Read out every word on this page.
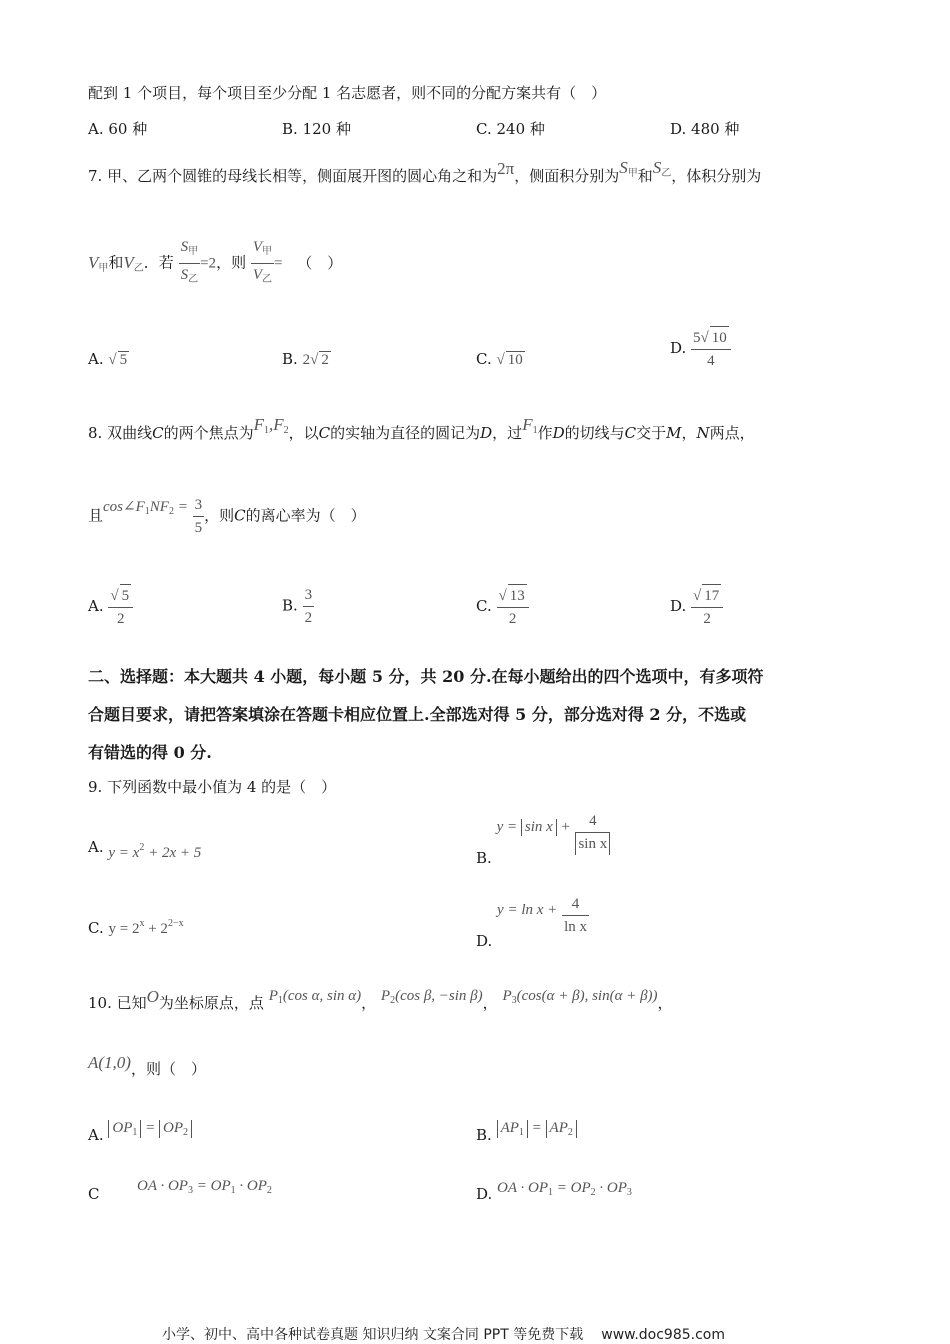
配到 1 个项目，每个项目至少分配 1 名志愿者，则不同的分配方案共有（　）
A. 60 种	B. 120 种	C. 240 种	D. 480 种
7. 甲、乙两个圆锥的母线长相等，侧面展开图的圆心角之和为2π，侧面积分别为$S_甲$和$S_乙$，体积分别为
$V_甲$和$V_乙$．若 $\frac{S_甲}{S_乙} =2$，则 $\frac{V_甲}{V_乙}$ = （　）
A. √ 5	B. 2√ 2	C. √ 10
D. $\frac{5√ 10}{4}$
8. 双曲线C的两个焦点为$F_1,F_2$，以C的实轴为直径的圆记为D，过$F_1$作D的切线与C交于M，N两点，
且$\cos\angle F_1NF_2 = \frac{3}{5}$ ，则C的离心率为（　）
A. $\frac{√ 5}{2}$	B. $\frac{3}{2}$	C. $\frac{√ 13}{2}$	D. $\frac{√ 17}{2}$
二、选择题：本大题共 4 小题，每小题 5 分，共 20 分.在每小题给出的四个选项中，有多项符
合题目要求，请把答案填涂在答题卡相应位置上.全部选对得 5 分，部分选对得 2 分，不选或
有错选的得 0 分.
9. 下列函数中最小值为 4 的是（　）
A. $y = x^2 + 2x + 5$	B. $y = \sin x + \frac{4}{\text{sin x}}$
C. $y = 2^x + 2^{2-x}$
D. $y = \ln x + \frac{4}{\text{ln x}}$
10. 已知O为坐标原点，点 $P_1(\cos$ α, sin α)， $P_2(\cos$ β, −sin β)， $P_3(\cos(\alpha + \beta)$, sin(α + β))，
A(1,0)，则（　）
A. $OP_1 = OP_2$	B. $AP_1 = AP_2$
C	OA · $OP_3 = OP_1 \cdot OP_2$	D. OA · $OP_1 = OP_2 \cdot OP_3$
小学、初中、高中各种试卷真题 知识归纳 文案合同 PPT 等免费下载 www.doc985.com
